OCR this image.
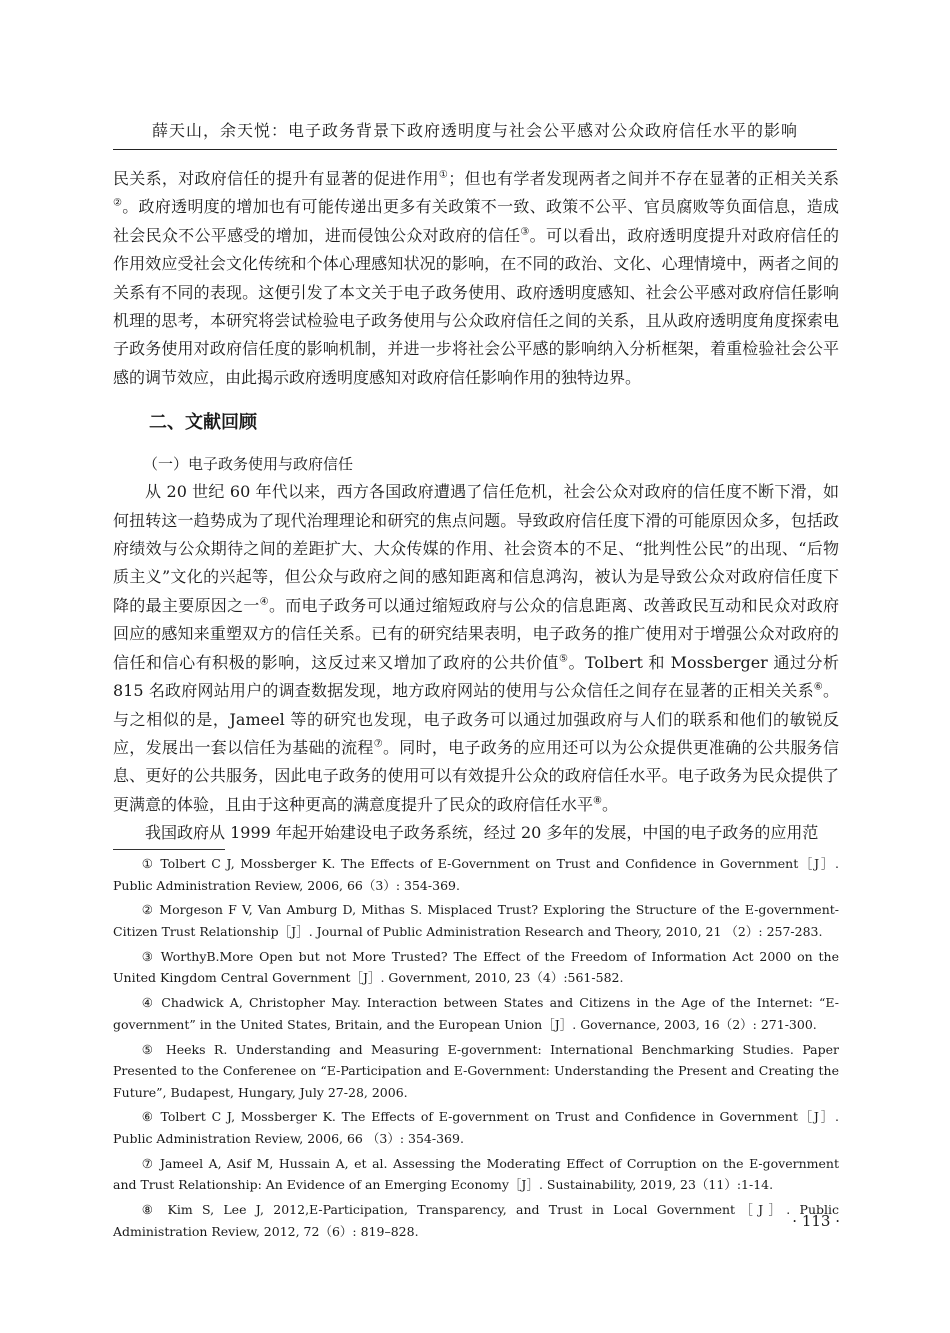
薛天山，余天悦：电子政务背景下政府透明度与社会公平感对公众政府信任水平的影响

民关系，对政府信任的提升有显著的促进作用①；但也有学者发现两者之间并不存在显著的正相关关系②。政府透明度的增加也有可能传递出更多有关政策不一致、政策不公平、官员腐败等负面信息，造成社会民众不公平感受的增加，进而侵蚀公众对政府的信任③。可以看出，政府透明度提升对政府信任的作用效应受社会文化传统和个体心理感知状况的影响，在不同的政治、文化、心理情境中，两者之间的关系有不同的表现。这便引发了本文关于电子政务使用、政府透明度感知、社会公平感对政府信任影响机理的思考，本研究将尝试检验电子政务使用与公众政府信任之间的关系，且从政府透明度角度探索电子政务使用对政府信任度的影响机制，并进一步将社会公平感的影响纳入分析框架，着重检验社会公平感的调节效应，由此揭示政府透明度感知对政府信任影响作用的独特边界。

二、文献回顾
（一）电子政务使用与政府信任

从 20 世纪 60 年代以来，西方各国政府遭遇了信任危机，社会公众对政府的信任度不断下滑，如何扭转这一趋势成为了现代治理理论和研究的焦点问题。导致政府信任度下滑的可能原因众多，包括政府绩效与公众期待之间的差距扩大、大众传媒的作用、社会资本的不足、“批判性公民”的出现、“后物质主义”文化的兴起等，但公众与政府之间的感知距离和信息鸿沟，被认为是导致公众对政府信任度下降的最主要原因之一④。而电子政务可以通过缩短政府与公众的信息距离、改善政民互动和民众对政府回应的感知来重塑双方的信任关系。已有的研究结果表明，电子政务的推广使用对于增强公众对政府的信任和信心有积极的影响，这反过来又增加了政府的公共价值⑤。Tolbert 和 Mossberger 通过分析 815 名政府网站用户的调查数据发现，地方政府网站的使用与公众信任之间存在显著的正相关关系⑥。与之相似的是，Jameel 等的研究也发现，电子政务可以通过加强政府与人们的联系和他们的敏锐反应，发展出一套以信任为基础的流程⑦。同时，电子政务的应用还可以为公众提供更准确的公共服务信息、更好的公共服务，因此电子政务的使用可以有效提升公众的政府信任水平。电子政务为民众提供了更满意的体验，且由于这种更高的满意度提升了民众的政府信任水平⑧。

我国政府从 1999 年起开始建设电子政务系统，经过 20 多年的发展，中国的电子政务的应用范

① Tolbert C J, Mossberger K. The Effects of E-Government on Trust and Confidence in Government［J］. Public Administration Review, 2006, 66（3）: 354-369.

② Morgeson F V, Van Amburg D, Mithas S. Misplaced Trust? Exploring the Structure of the E-government-Citizen Trust Relationship［J］. Journal of Public Administration Research and Theory, 2010, 21 （2）: 257-283.

③ WorthyB.More Open but not More Trusted? The Effect of the Freedom of Information Act 2000 on the United Kingdom Central Government［J］. Government, 2010, 23（4）:561-582.

④ Chadwick A, Christopher May. Interaction between States and Citizens in the Age of the Internet: “E-government” in the United States, Britain, and the European Union［J］. Governance, 2003, 16（2）: 271-300.

⑤ Heeks R. Understanding and Measuring E-government: International Benchmarking Studies. Paper Presented to the Conferenee on “E-Participation and E-Government: Understanding the Present and Creating the Future”, Budapest, Hungary, July 27-28, 2006.

⑥ Tolbert C J, Mossberger K. The Effects of E-government on Trust and Confidence in Government［J］. Public Administration Review, 2006, 66 （3）: 354-369.

⑦ Jameel A, Asif M, Hussain A, et al. Assessing the Moderating Effect of Corruption on the E-government and Trust Relationship: An Evidence of an Emerging Economy［J］. Sustainability, 2019, 23（11）:1-14.

⑧ Kim S, Lee J, 2012,E-Participation, Transparency, and Trust in Local Government［J］. Public Administration Review, 2012, 72（6）: 819–828.

· 113 ·
